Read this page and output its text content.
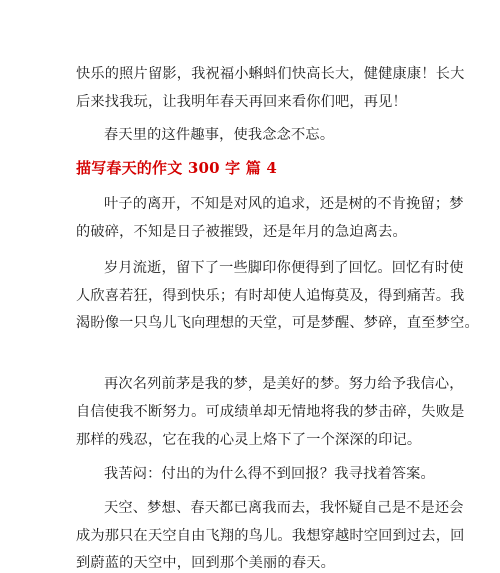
快乐的照片留影，我祝福小蝌蚪们快高长大，健健康康！长大
后来找我玩，让我明年春天再回来看你们吧，再见！
春天里的这件趣事，使我念念不忘。
描写春天的作文 300 字 篇 4
叶子的离开，不知是对风的追求，还是树的不肯挽留；梦
的破碎，不知是日子被摧毁，还是年月的急迫离去。
岁月流逝，留下了一些脚印你便得到了回忆。回忆有时使
人欣喜若狂，得到快乐；有时却使人追悔莫及，得到痛苦。我
渴盼像一只鸟儿飞向理想的天堂，可是梦醒、梦碎，直至梦空。
再次名列前茅是我的梦，是美好的梦。努力给予我信心，
自信使我不断努力。可成绩单却无情地将我的梦击碎，失败是
那样的残忍，它在我的心灵上烙下了一个深深的印记。
我苦闷：付出的为什么得不到回报？我寻找着答案。
天空、梦想、春天都已离我而去，我怀疑自己是不是还会
成为那只在天空自由飞翔的鸟儿。我想穿越时空回到过去，回
到蔚蓝的天空中，回到那个美丽的春天。
